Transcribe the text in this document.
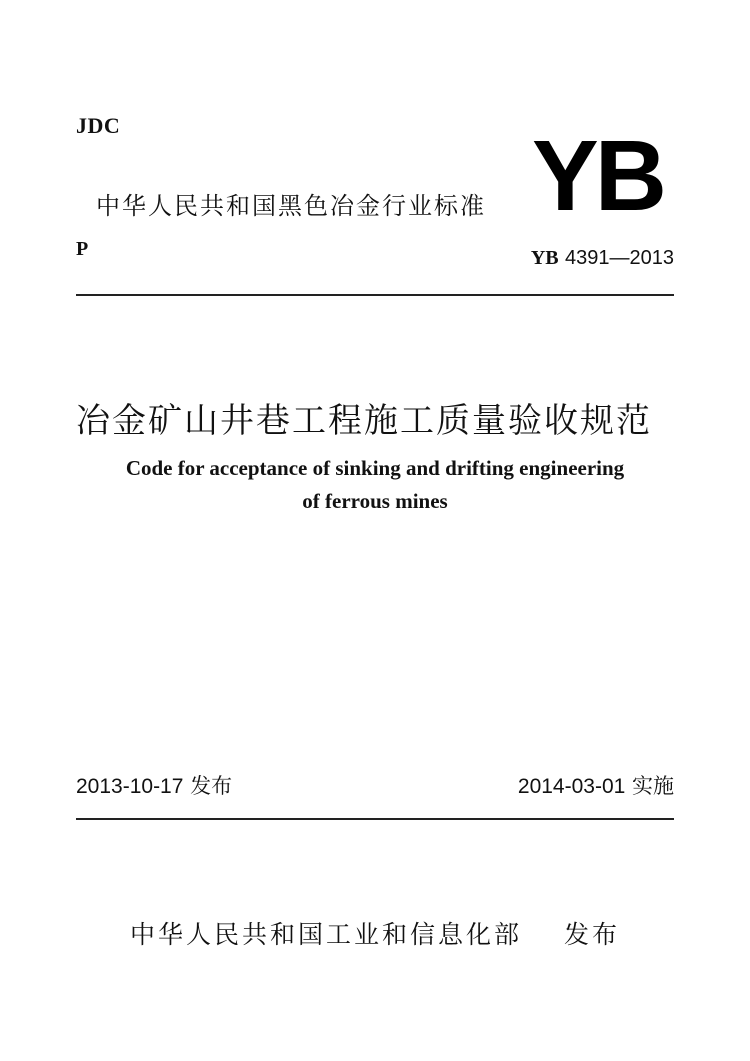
JDC
中华人民共和国黑色冶金行业标准 YB
P	YB 4391—2013
冶金矿山井巷工程施工质量验收规范
Code for acceptance of sinking and drifting engineering
of ferrous mines
2013-10-17 发布	2014-03-01 实施
中华人民共和国工业和信息化部 发布
